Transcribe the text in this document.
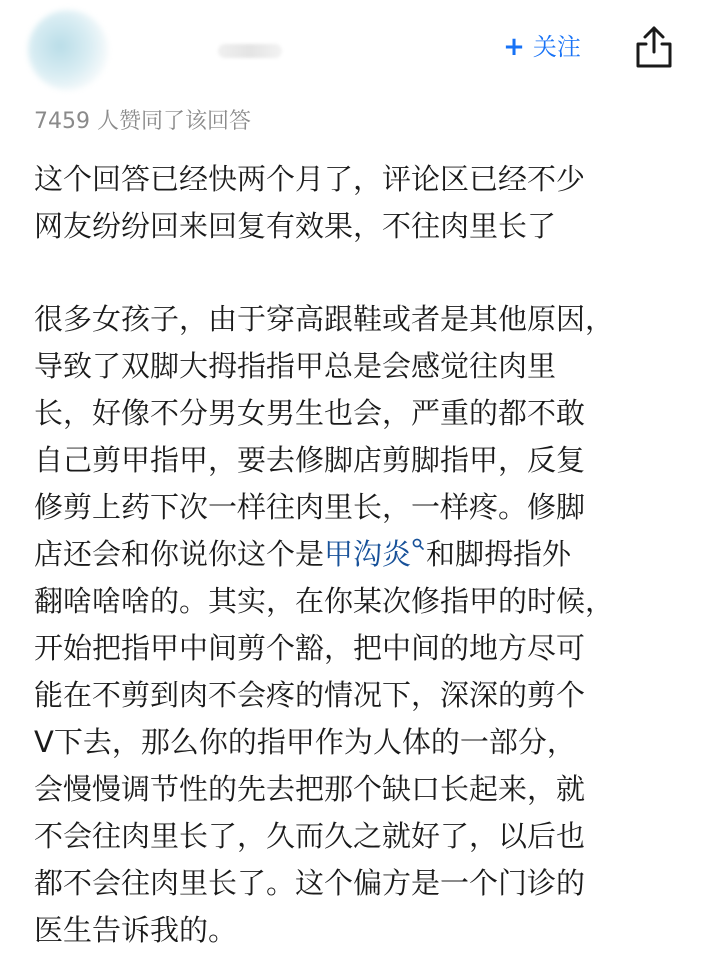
+ 关注
7459 人赞同了该回答

这个回答已经快两个月了，评论区已经不少
网友纷纷回来回复有效果，不往肉里长了

很多女孩子，由于穿高跟鞋或者是其他原因，
导致了双脚大拇指指甲总是会感觉往肉里
长，好像不分男女男生也会，严重的都不敢
自己剪甲指甲，要去修脚店剪脚指甲，反复
修剪上药下次一样往肉里长，一样疼。修脚
店还会和你说你这个是甲沟炎 和脚拇指外
翻啥啥啥的。其实，在你某次修指甲的时候，
开始把指甲中间剪个豁，把中间的地方尽可
能在不剪到肉不会疼的情况下，深深的剪个
V下去，那么你的指甲作为人体的一部分，
会慢慢调节性的先去把那个缺口长起来，就
不会往肉里长了，久而久之就好了，以后也
都不会往肉里长了。这个偏方是一个门诊的
医生告诉我的。
